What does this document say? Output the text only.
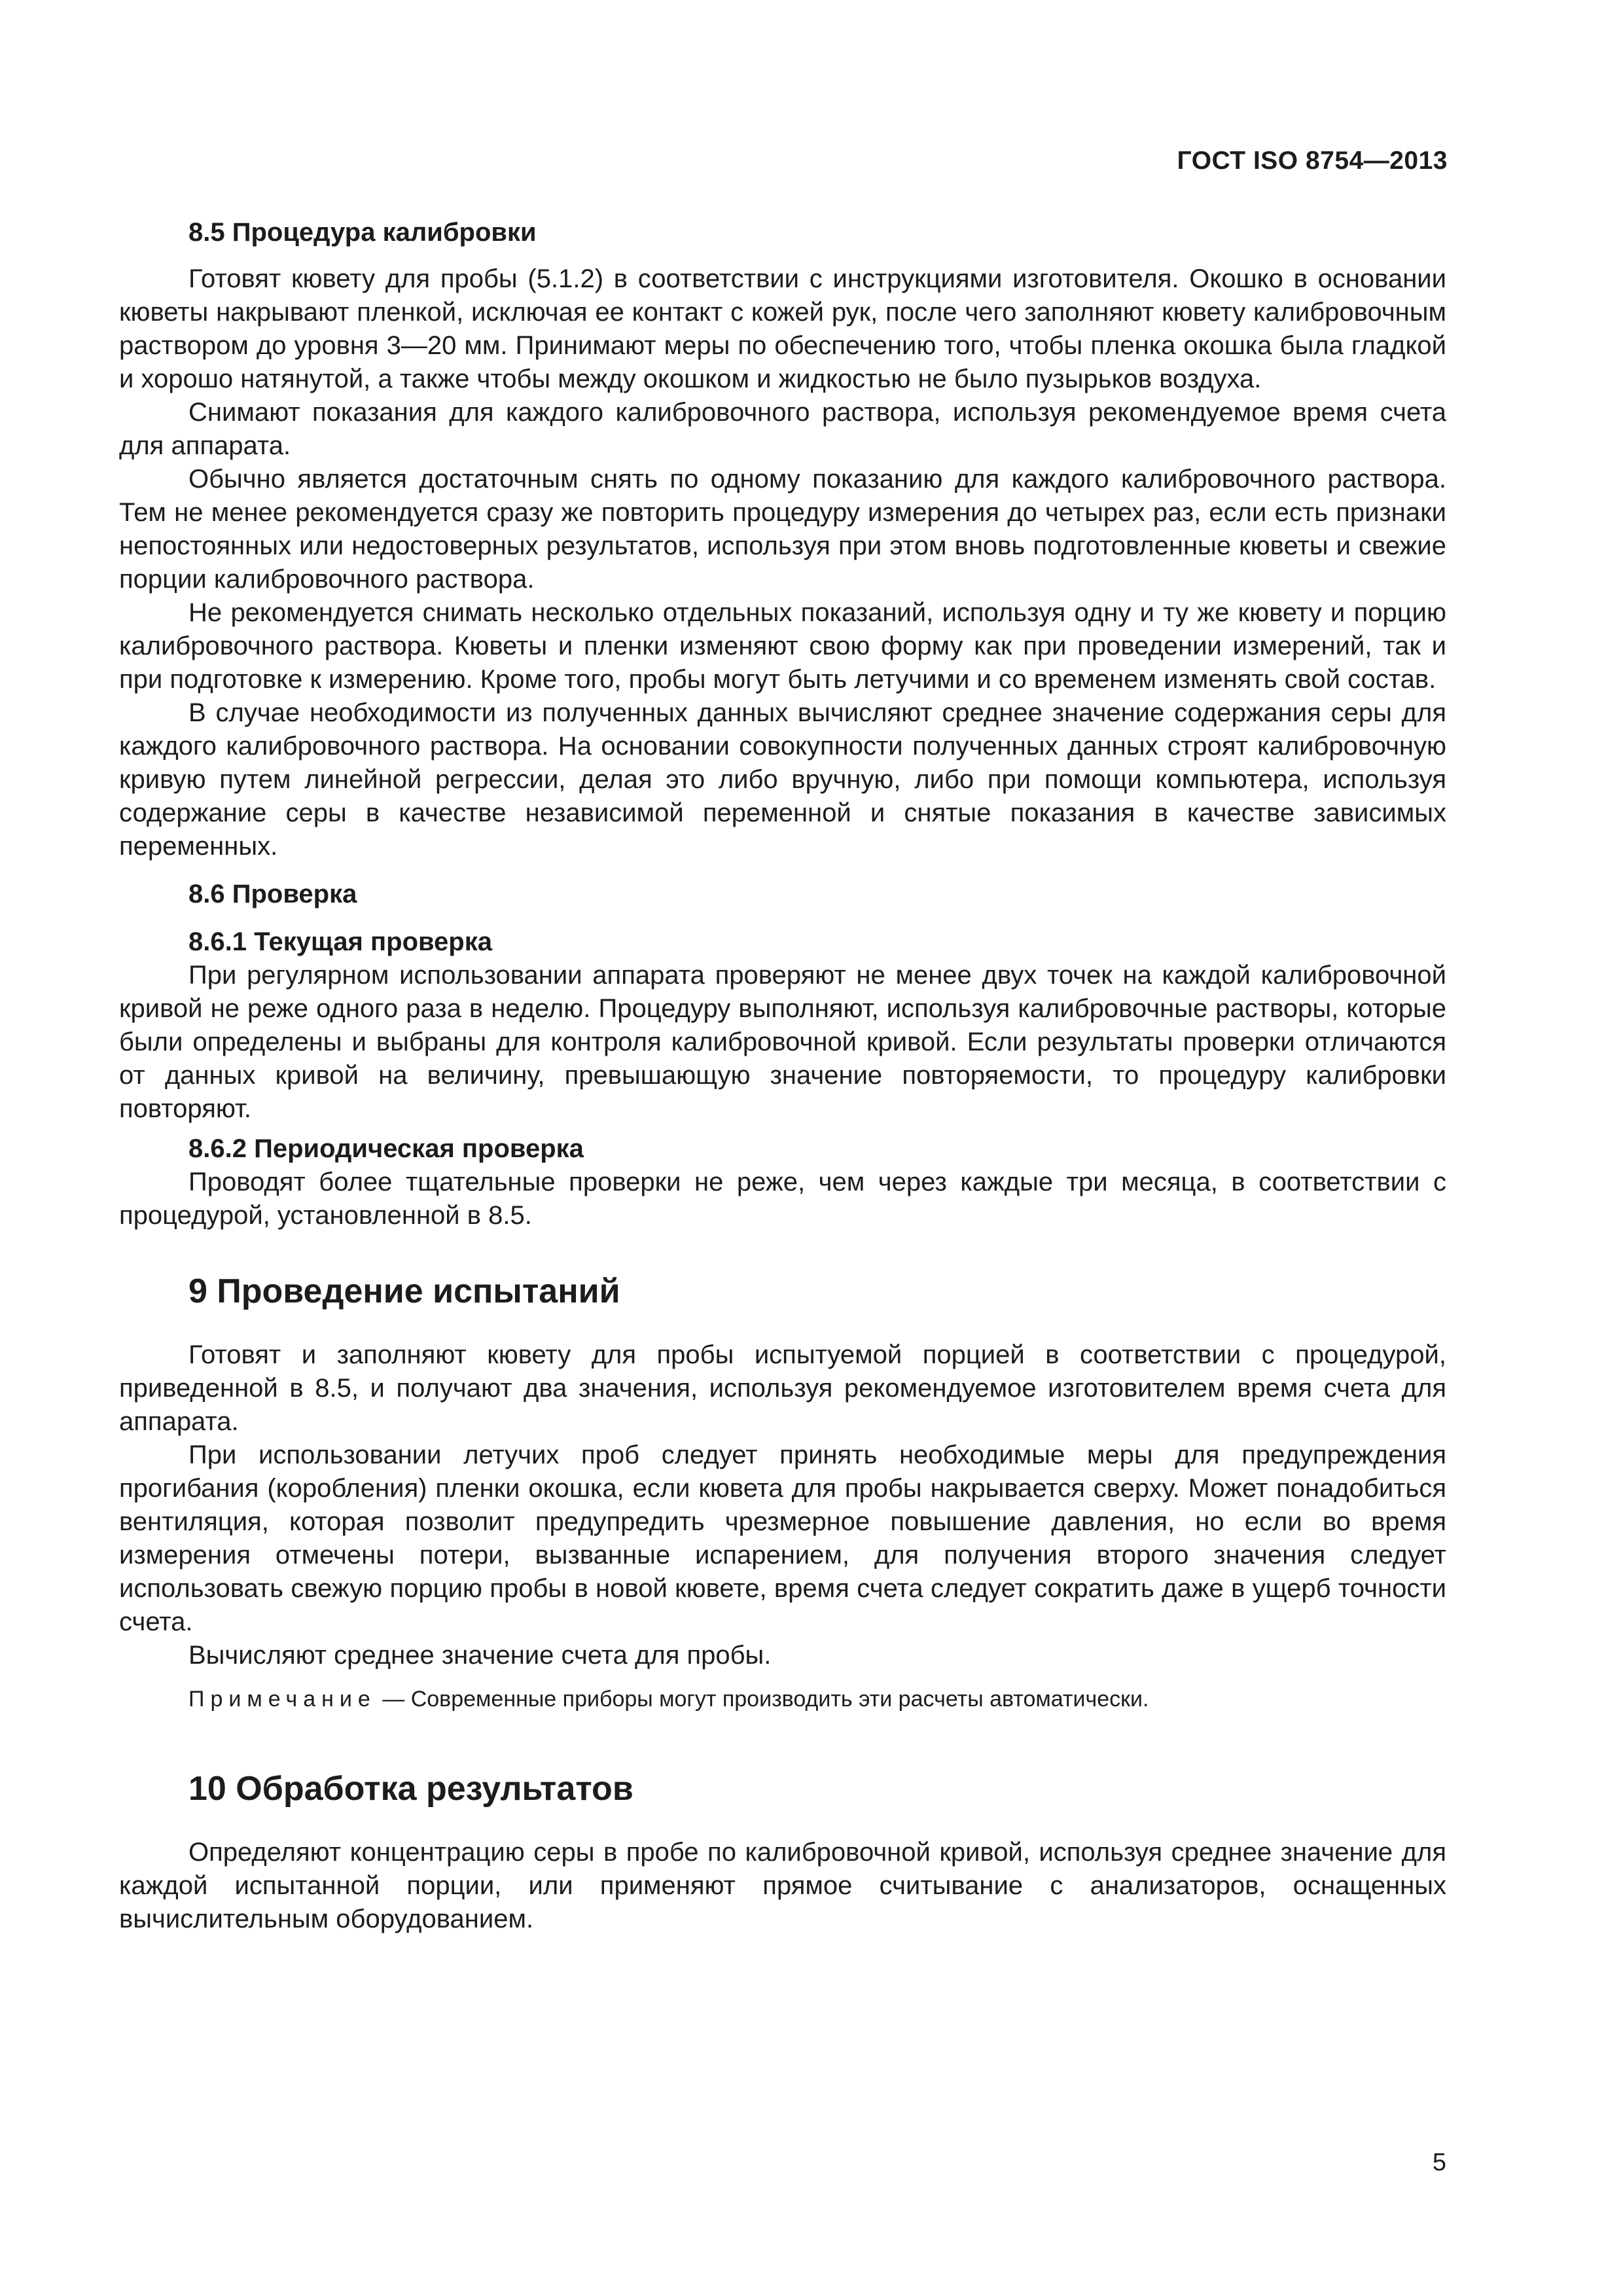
ГОСТ ISO 8754—2013
8.5 Процедура калибровки

Готовят кювету для пробы (5.1.2) в соответствии с инструкциями изготовителя. Окошко в основании кюветы накрывают пленкой, исключая ее контакт с кожей рук, после чего заполняют кювету калибровочным раствором до уровня 3—20 мм. Принимают меры по обеспечению того, чтобы пленка окошка была гладкой и хорошо натянутой, а также чтобы между окошком и жидкостью не было пузырьков воздуха.

Снимают показания для каждого калибровочного раствора, используя рекомендуемое время счета для аппарата.

Обычно является достаточным снять по одному показанию для каждого калибровочного раствора. Тем не менее рекомендуется сразу же повторить процедуру измерения до четырех раз, если есть признаки непостоянных или недостоверных результатов, используя при этом вновь подготовленные кюветы и свежие порции калибровочного раствора.

Не рекомендуется снимать несколько отдельных показаний, используя одну и ту же кювету и порцию калибровочного раствора. Кюветы и пленки изменяют свою форму как при проведении измерений, так и при подготовке к измерению. Кроме того, пробы могут быть летучими и со временем изменять свой состав.

В случае необходимости из полученных данных вычисляют среднее значение содержания серы для каждого калибровочного раствора. На основании совокупности полученных данных строят калибровочную кривую путем линейной регрессии, делая это либо вручную, либо при помощи компьютера, используя содержание серы в качестве независимой переменной и снятые показания в качестве зависимых переменных.

8.6 Проверка
8.6.1 Текущая проверка

При регулярном использовании аппарата проверяют не менее двух точек на каждой калибровочной кривой не реже одного раза в неделю. Процедуру выполняют, используя калибровочные растворы, которые были определены и выбраны для контроля калибровочной кривой. Если результаты проверки отличаются от данных кривой на величину, превышающую значение повторяемости, то процедуру калибровки повторяют.

8.6.2 Периодическая проверка

Проводят более тщательные проверки не реже, чем через каждые три месяца, в соответствии с процедурой, установленной в 8.5.

9 Проведение испытаний

Готовят и заполняют кювету для пробы испытуемой порцией в соответствии с процедурой, приведенной в 8.5, и получают два значения, используя рекомендуемое изготовителем время счета для аппарата.

При использовании летучих проб следует принять необходимые меры для предупреждения прогибания (коробления) пленки окошка, если кювета для пробы накрывается сверху. Может понадобиться вентиляция, которая позволит предупредить чрезмерное повышение давления, но если во время измерения отмечены потери, вызванные испарением, для получения второго значения следует использовать свежую порцию пробы в новой кювете, время счета следует сократить даже в ущерб точности счета.

Вычисляют среднее значение счета для пробы.

Примечание — Современные приборы могут производить эти расчеты автоматически.
10 Обработка результатов

Определяют концентрацию серы в пробе по калибровочной кривой, используя среднее значение для каждой испытанной порции, или применяют прямое считывание с анализаторов, оснащенных вычислительным оборудованием.

5
